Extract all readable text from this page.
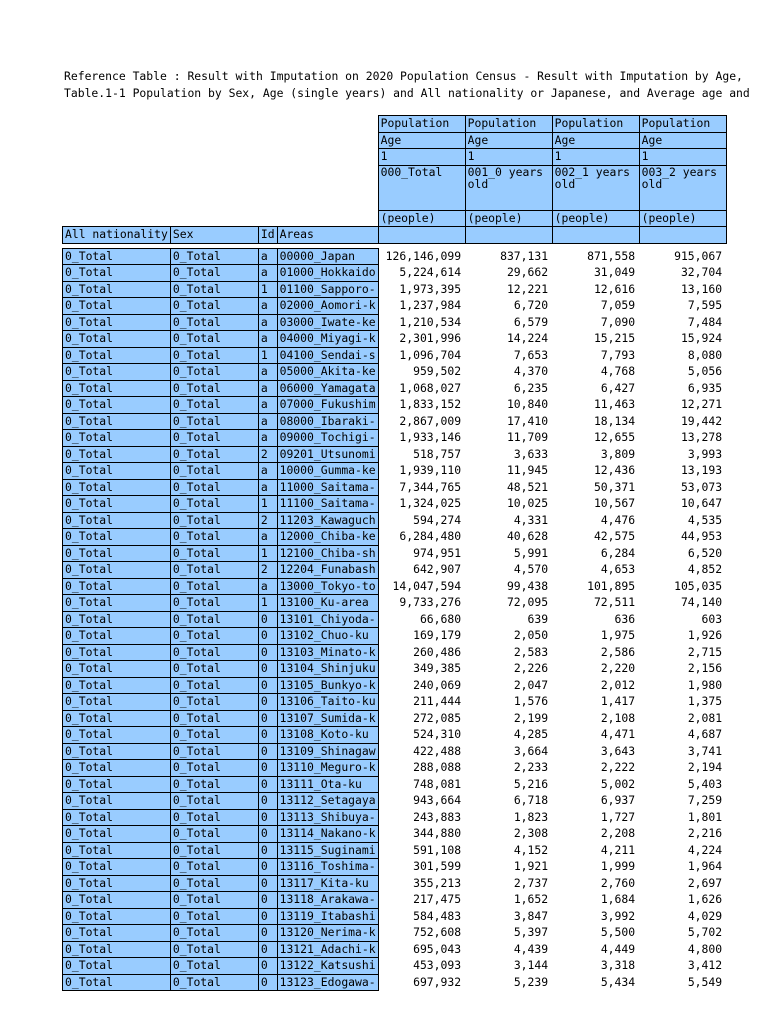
Reference Table : Result with Imputation on 2020 Population Census - Result with Imputation by Age,
Table.1-1 Population by Sex, Age (single years) and All nationality or Japanese, and Average age and
				Population	Population	Population	Population
				Age	Age	Age	Age
				1	1	1	1
				000_Total	001_0 years old	002_1 years old	003_2 years old
				(people)	(people)	(people)	(people)
All nationality	Sex	Id	Areas				

0_Total	0_Total	a	00000_Japan	126,146,099	837,131	871,558	915,067
0_Total	0_Total	a	01000_Hokkaido	5,224,614	29,662	31,049	32,704
0_Total	0_Total	1	01100_Sapporo-	1,973,395	12,221	12,616	13,160
0_Total	0_Total	a	02000_Aomori-k	1,237,984	6,720	7,059	7,595
0_Total	0_Total	a	03000_Iwate-ke	1,210,534	6,579	7,090	7,484
0_Total	0_Total	a	04000_Miyagi-k	2,301,996	14,224	15,215	15,924
0_Total	0_Total	1	04100_Sendai-s	1,096,704	7,653	7,793	8,080
0_Total	0_Total	a	05000_Akita-ke	959,502	4,370	4,768	5,056
0_Total	0_Total	a	06000_Yamagata	1,068,027	6,235	6,427	6,935
0_Total	0_Total	a	07000_Fukushim	1,833,152	10,840	11,463	12,271
0_Total	0_Total	a	08000_Ibaraki-	2,867,009	17,410	18,134	19,442
0_Total	0_Total	a	09000_Tochigi-	1,933,146	11,709	12,655	13,278
0_Total	0_Total	2	09201_Utsunomi	518,757	3,633	3,809	3,993
0_Total	0_Total	a	10000_Gumma-ke	1,939,110	11,945	12,436	13,193
0_Total	0_Total	a	11000_Saitama-	7,344,765	48,521	50,371	53,073
0_Total	0_Total	1	11100_Saitama-	1,324,025	10,025	10,567	10,647
0_Total	0_Total	2	11203_Kawaguch	594,274	4,331	4,476	4,535
0_Total	0_Total	a	12000_Chiba-ke	6,284,480	40,628	42,575	44,953
0_Total	0_Total	1	12100_Chiba-sh	974,951	5,991	6,284	6,520
0_Total	0_Total	2	12204_Funabash	642,907	4,570	4,653	4,852
0_Total	0_Total	a	13000_Tokyo-to	14,047,594	99,438	101,895	105,035
0_Total	0_Total	1	13100_Ku-area	9,733,276	72,095	72,511	74,140
0_Total	0_Total	0	13101_Chiyoda-	66,680	639	636	603
0_Total	0_Total	0	13102_Chuo-ku	169,179	2,050	1,975	1,926
0_Total	0_Total	0	13103_Minato-k	260,486	2,583	2,586	2,715
0_Total	0_Total	0	13104_Shinjuku	349,385	2,226	2,220	2,156
0_Total	0_Total	0	13105_Bunkyo-k	240,069	2,047	2,012	1,980
0_Total	0_Total	0	13106_Taito-ku	211,444	1,576	1,417	1,375
0_Total	0_Total	0	13107_Sumida-k	272,085	2,199	2,108	2,081
0_Total	0_Total	0	13108_Koto-ku	524,310	4,285	4,471	4,687
0_Total	0_Total	0	13109_Shinagaw	422,488	3,664	3,643	3,741
0_Total	0_Total	0	13110_Meguro-k	288,088	2,233	2,222	2,194
0_Total	0_Total	0	13111_Ota-ku	748,081	5,216	5,002	5,403
0_Total	0_Total	0	13112_Setagaya	943,664	6,718	6,937	7,259
0_Total	0_Total	0	13113_Shibuya-	243,883	1,823	1,727	1,801
0_Total	0_Total	0	13114_Nakano-k	344,880	2,308	2,208	2,216
0_Total	0_Total	0	13115_Suginami	591,108	4,152	4,211	4,224
0_Total	0_Total	0	13116_Toshima-	301,599	1,921	1,999	1,964
0_Total	0_Total	0	13117_Kita-ku	355,213	2,737	2,760	2,697
0_Total	0_Total	0	13118_Arakawa-	217,475	1,652	1,684	1,626
0_Total	0_Total	0	13119_Itabashi	584,483	3,847	3,992	4,029
0_Total	0_Total	0	13120_Nerima-k	752,608	5,397	5,500	5,702
0_Total	0_Total	0	13121_Adachi-k	695,043	4,439	4,449	4,800
0_Total	0_Total	0	13122_Katsushi	453,093	3,144	3,318	3,412
0_Total	0_Total	0	13123_Edogawa-	697,932	5,239	5,434	5,549
